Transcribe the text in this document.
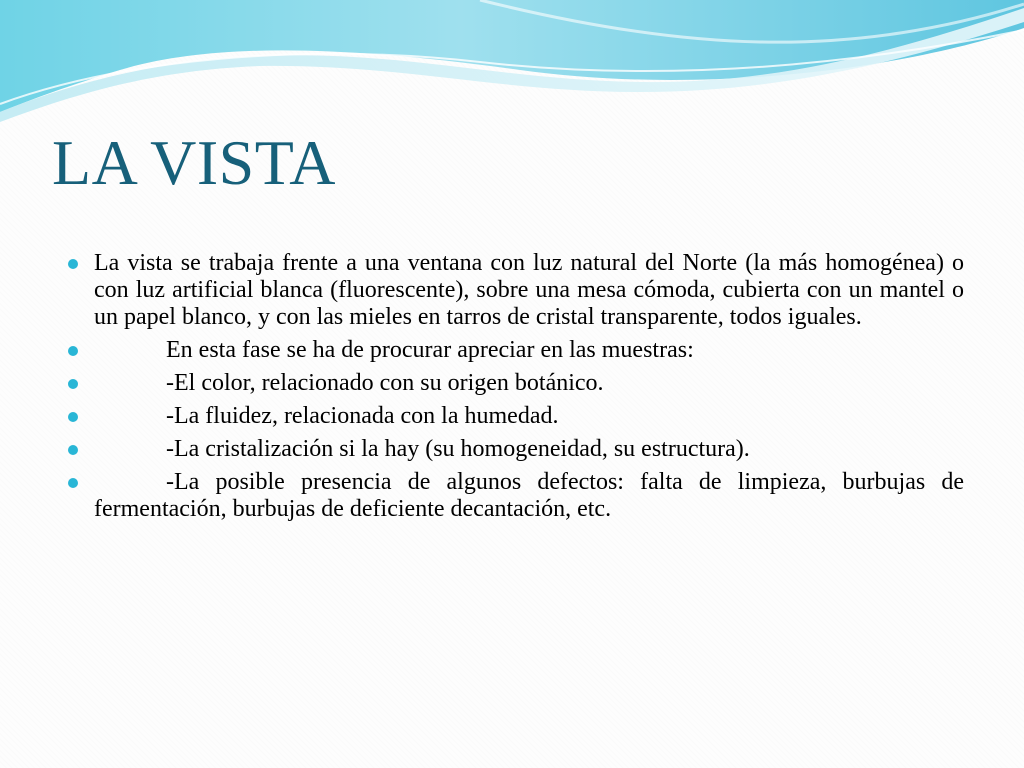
LA VISTA
La vista se trabaja frente a una ventana con luz natural del Norte (la más homogénea) o con luz artificial blanca (fluorescente), sobre una mesa cómoda, cubierta con un mantel o un papel blanco, y con las mieles en tarros de cristal transparente, todos iguales.
En esta fase se ha de procurar apreciar en las muestras:
-El color, relacionado con su origen botánico.
-La fluidez, relacionada con la humedad.
-La cristalización si la hay (su homogeneidad, su estructura).
-La posible presencia de algunos defectos: falta de limpieza, burbujas de fermentación, burbujas de deficiente decantación, etc.
